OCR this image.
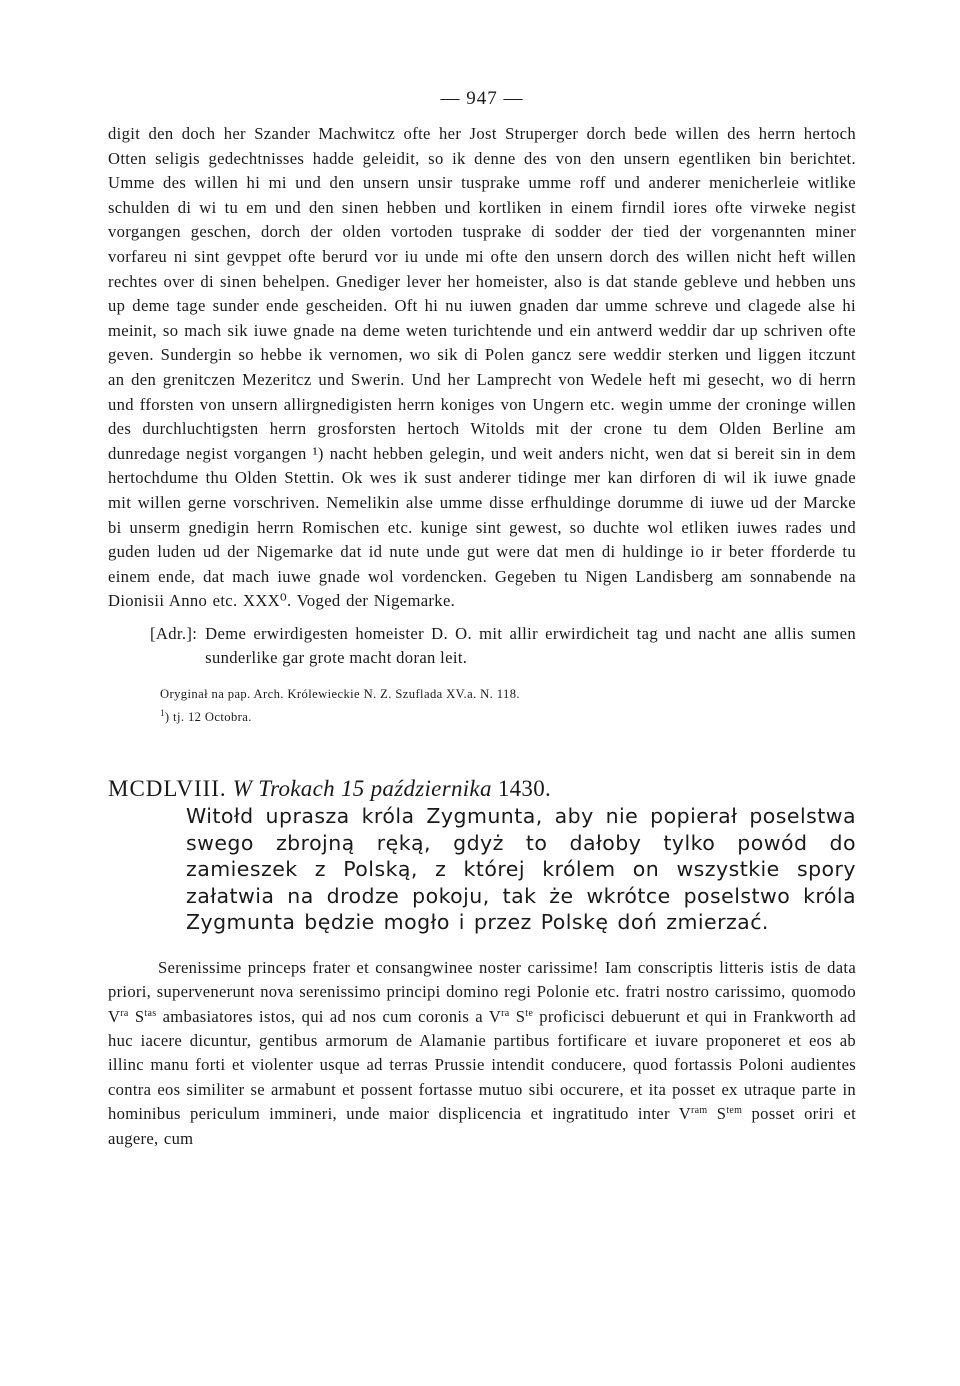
— 947 —

digit den doch her Szander Machwitcz ofte her Jost Struperger dorch bede willen des herrn hertoch Otten seligis gedechtnisses hadde geleidit, so ik denne des von den unsern egentliken bin berichtet. Umme des willen hi mi und den unsern unsir tusprake umme roff und anderer menicherleie witlike schulden di wi tu em und den sinen hebben und kortliken in einem firndil iores ofte virweke negist vorgangen geschen, dorch der olden vortoden tusprake di sodder der tied der vorgenannten miner vorfareu ni sint gevppet ofte berurd vor iu unde mi ofte den unsern dorch des willen nicht heft willen rechtes over di sinen behelpen. Gnediger lever her homeister, also is dat stande gebleve und hebben uns up deme tage sunder ende gescheiden. Oft hi nu iuwen gnaden dar umme schreve und clagede alse hi meinit, so mach sik iuwe gnade na deme weten turichtende und ein antwerd weddir dar up schriven ofte geven. Sundergin so hebbe ik vernomen, wo sik di Polen gancz sere weddir sterken und liggen itczunt an den grenitczen Mezeritcz und Swerin. Und her Lamprecht von Wedele heft mi gesecht, wo di herrn und fforsten von unsern allirgnedigisten herrn koniges von Ungern etc. wegin umme der croninge willen des durchluchtigsten herrn grosforsten hertoch Witolds mit der crone tu dem Olden Berline am dunredage negist vorgangen ¹) nacht hebben gelegin, und weit anders nicht, wen dat si bereit sin in dem hertochdume thu Olden Stettin. Ok wes ik sust anderer tidinge mer kan dirforen di wil ik iuwe gnade mit willen gerne vorschriven. Nemelikin alse umme disse erfhuldinge dorumme di iuwe ud der Marcke bi unserm gnedigin herrn Romischen etc. kunige sint gewest, so duchte wol etliken iuwes rades und guden luden ud der Nigemarke dat id nute unde gut were dat men di huldinge io ir beter fforderde tu einem ende, dat mach iuwe gnade wol vordencken. Gegeben tu Nigen Landisberg am sonnabende na Dionisii Anno etc. XXX⁰. Voged der Nigemarke.

[Adr.]: Deme erwirdigesten homeister D. O. mit allir erwirdicheit tag und nacht ane allis sumen sunderlike gar grote macht doran leit.
Oryginał na pap. Arch. Królewieckie N. Z. Szuflada XV.a. N. 118.
$^1$) tj. 12 Octobra.
MCDLVIII. W Trokach 15 października 1430.
Witołd uprasza króla Zygmunta, aby nie popierał poselstwa swego zbrojną ręką, gdyż to dałoby tylko powód do zamieszek z Polską, z której królem on wszystkie spory załatwia na drodze pokoju, tak że wkrótce poselstwo króla Zygmunta będzie mogło i przez Polskę doń zmierzać.

Serenissime princeps frater et consangwinee noster carissime! Iam conscriptis litteris istis de data priori, supervenerunt nova serenissimo principi domino regi Polonie etc. fratri nostro carissimo, quomodo $V^{ra}$ $S^{tas}$ ambasiatores istos, qui ad nos cum coronis a $V^{ra}$ $S^{te}$ proficisci debuerunt et qui in Frankworth ad huc iacere dicuntur, gentibus armorum de Alamanie partibus fortificare et iuvare proponeret et eos ab illinc manu forti et violenter usque ad terras Prussie intendit conducere, quod fortassis Poloni audientes contra eos similiter se armabunt et possent fortasse mutuo sibi occurere, et ita posset ex utraque parte in hominibus periculum immineri, unde maior displicencia et ingratitudo inter $V^{ram}$ $S^{tem}$ posset oriri et augere, cum
